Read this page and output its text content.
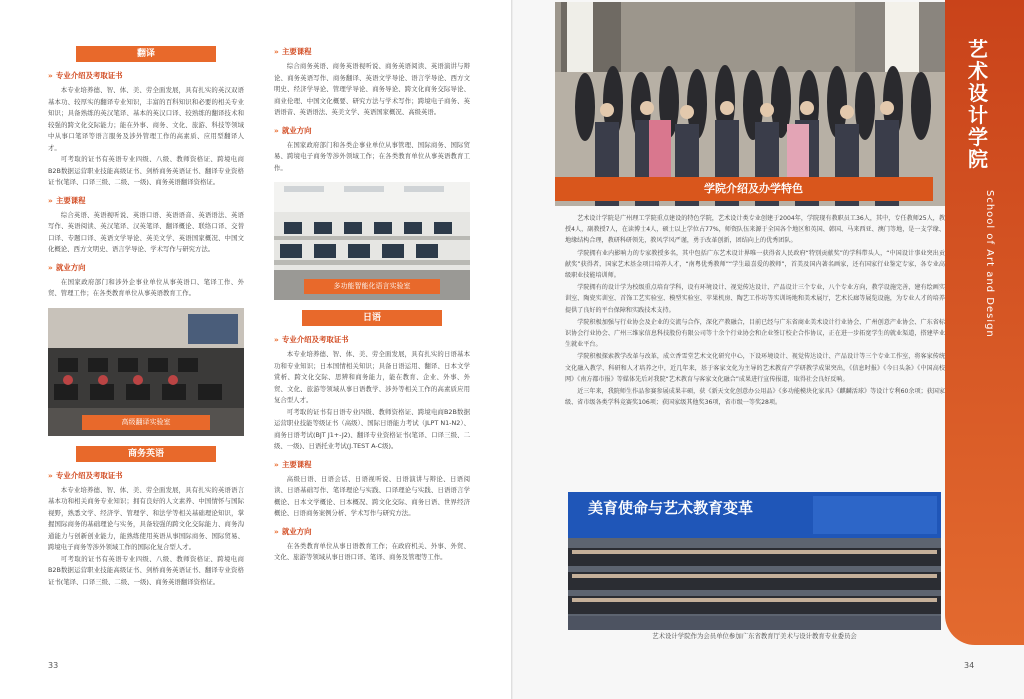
翻译
» 专业介绍及考取证书

本专业培养德、智、体、美、劳全面发展，具有扎实的英汉双语基本功、较厚实的翻译专业知识，丰富的百科知识和必要的相关专业知识；具备熟练的英汉笔译、基本的英汉口译、较熟练的翻译技术和较强的跨文化交际能力；能在外事、商务、文化、旅游、科技等领域中从事口笔译等语言服务及涉外管理工作的高素质、应用型翻译人才。

可考取的证书有英语专业四级、八级、教师资格证、跨境电商B2B数据运营职业技能高级证书、剑桥商务英语证书、翻译专业资格证书(笔译、口译三级、二级、一级)、商务英语翻译资格证。

» 主要课程

综合英语、英语视听说、英语口语、英语语音、英语语法、英语写作、英语阅读、英汉笔译、汉英笔译、翻译概论、联络口译、交替口译、专题口译、英语文学导论、英美文学、英语国家概况、中国文化概论、西方文明史、语言学导论、学术写作与研究方法。

» 就业方向

在国家政府部门和涉外企事业单位从事英语口、笔译工作、外贸、管理工作；在各类教育单位从事英语教育工作。

高级翻译实验室
商务英语
» 专业介绍及考取证书

本专业培养德、智、体、美、劳全面发展，具有扎实的英语语言基本功和相关商务专业知识；拥有良好的人文素养、中国情怀与国际视野，熟悉文学、经济学、管理学、和法学等相关基础理论知识，掌握国际商务的基础理论与实务，具备较强的跨文化交际能力、商务沟通能力与创新创业能力，能熟练使用英语从事国际商务、国际贸易、跨境电子商务等涉外领域工作的国际化复合型人才。

可考取的证书有英语专业四级、八级、教师资格证、跨境电商B2B数据运营职业技能高级证书、剑桥商务英语证书、翻译专业资格证书(笔译、口译三级、二级、一级)、商务英语翻译资格证。

33
» 主要课程

综合商务英语、商务英语视听说、商务英语阅读、英语演讲与辩论、商务英语写作、商务翻译、英语文学导论、语言学导论、西方文明史、经济学导论、管理学导论、商务导论、跨文化商务交际导论、商业伦理、中国文化概要、研究方法与学术写作；跨境电子商务、英语语音、英语语法、英美文学、英语国家概况、高级英语。

» 就业方向

在国家政府部门和各类企事业单位从事管理、国际商务、国际贸易、跨境电子商务等涉外领域工作；在各类教育单位从事英语教育工作。

多功能智能化语言实验室
日语
» 专业介绍及考取证书

本专业培养德、智、体、美、劳全面发展，具有扎实的日语基本功和专业知识；日本国情相关知识；具备日语运用、翻译、日本文学赏析、跨文化交际、思辨和商务能力，能在教育、企业、外事、外贸、文化、旅游等领域从事日语教学、涉外等相关工作的高素质应用复合型人才。

可考取的证书有日语专业四级、教师资格证、跨境电商B2B数据运营职业技能等级证书（高级）、国际日语能力考试（JLPT N1-N2）、商务日语考试(BJT J1+-J2)、翻译专业资格证书(笔译、口译三级、二级、一级)、日语托业考试(J.TEST A-C级)。

» 主要课程

高级日语、日语会话、日语视听说、日语演讲与辩论、日语阅读、日语基础写作、笔译理论与实践、口译理论与实践、日语语言学概论、日本文学概论、日本概况、跨文化交际、商务日语、世界经济概论、日语商务案例分析、学术写作与研究方法。

» 就业方向

在各类教育单位从事日语教育工作；在政府机关、外事、外贸、文化、旅游等领域从事日语口译、笔译、商务及管理等工作。

学院介绍及办学特色

艺术设计学院是广州理工学院重点建设的特色学院，艺术设计类专业创建于2004年，学院现有教职员工36人，其中，专任教师25人，教授4人，副教授7人，在读博士4人，硕士以上学位占77%，师资队伍来源于全国各个地区和英国、韩国、马来西亚、澳门等地，是一支学缘、地缘结构合理，教研科研领先，教风学风严谨，勇于改革创新，团结向上的优秀团队。

学院拥有业内影响力的专家教授多名，其中包括广东艺术设计界唯一获得省人民政府“特别贡献奖”的学科带头人，“中国设计事业突出贡献奖”获得者，国家艺术基金项目培养人才，“南粤优秀教师”“学生最喜爱的教师”，首美及国内著名画家，还有国家行业鉴定专家，各专业高级职业技能培训师。

学院拥有的设计学为校级重点培育学科，设有环境设计、视觉传达设计、产品设计三个专业，八个专业方向，教学设施完善，建有绘画实训室、陶瓷实训室、首饰工艺实验室、模型实验室、苹果机房、陶艺工作坊等实训场地和美术展厅，艺术长廊等展览设施，为专业人才的培养提供了良好的平台保障和实践技术支持。

学院积极加强与行业协会及企业的交流与合作，深化产教融合，目前已经与广东省商业美术设计行业协会、广州创意产业协会、广东省标识协会行业协会、广州三维家信息科技股份有限公司等十余个行业协会和企业签订校企合作协议，正在进一步拓宽学生的就业渠道，搭建毕业生就业平台。

学院积极探索教学改革与改革，成立香雪堂艺术文化研究中心，下设环境设计、视觉传达设计、产品设计等三个专业工作室，将客家传统文化融入教学、科研和人才培养之中，近几年来，基于客家文化为主导的艺术教育产学研教学成果突出，《信息时报》《今日头条》《中国高校网》《南方都市报》等媒体先后对我院“艺术教育与客家文化融合”成果进行宣传报道，取得社会良好反响。

近三年来，我院师生作品参赛参展成果丰硕，获《新天文化创意办公用品》《多功能模块化家具》《麒麟活球》等设计专利60余项；获国家级、省市级各类学科竞赛奖106项；获国家级其他奖36项，省市级一等奖28项。

美育使命与艺术教育变革
艺术设计学院作为会员单位参加广东省教育厅美术与设计教育专业委员会
艺术设计学院
School of Art and Design
34
